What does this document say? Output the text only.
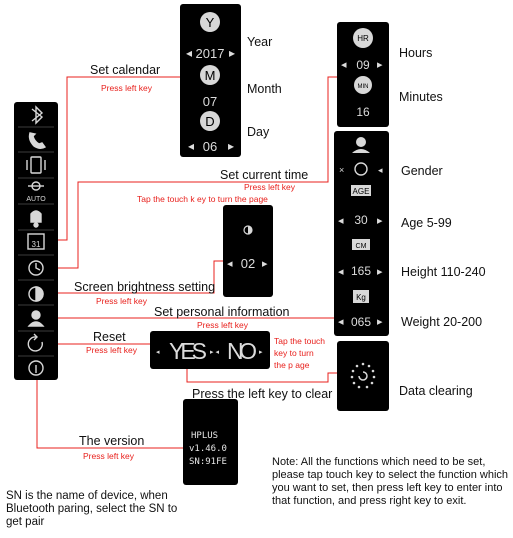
AUTO
31
Y
◂ 2017 ▸
M
07
D
◂ 06 ▸
HR
◂ 09 ▸
MIN
16
×	◂
AGE
◂ 30 ▸
CM
◂ 165 ▸
Kg
◂ 065 ▸
◂ 02 ▸
◂ YES ▸ ◂ NO ▸
HPLUS
v1.46.0
SN:91FE
Set calendar
Set current time
Screen brightness setting
Set personal information
Reset
Press the left key to clear
The version
Year
Month
Day
Hours
Minutes
Gender
Age 5-99
Height 110-240
Weight 20-200
Data clearing
Press left key
Press left key
Tap the touch k ey to turn the page
Press left key
Press left key
Press left key
Tap the touch
key to turn
the p age
Press left key
SN is the name of device, when Bluetooth paring, select the SN to get pair
Note: All the functions which need to be set, please tap touch key to select the function which you want to set, then press left key to enter into that function, and press right key to exit.
